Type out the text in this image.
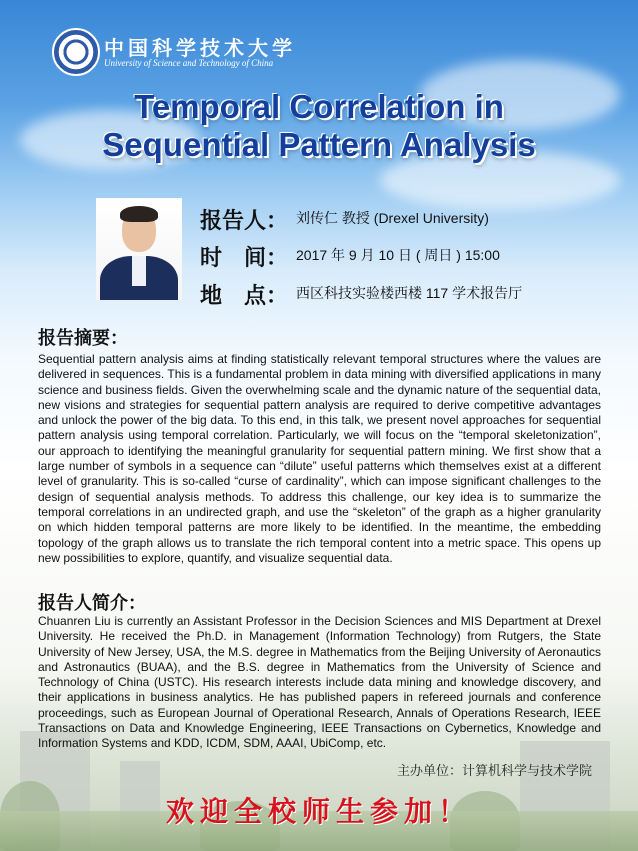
中国科学技术大学
University of Science and Technology of China
Temporal Correlation in
Sequential Pattern Analysis
报告人： 刘传仁 教授 (Drexel University)
时　间： 2017 年 9 月 10 日 ( 周日 ) 15:00
地　点： 西区科技实验楼西楼 117 学术报告厅
报告摘要：
Sequential pattern analysis aims at finding statistically relevant temporal structures where the values are delivered in sequences. This is a fundamental problem in data mining with diversified applications in many science and business fields. Given the overwhelming scale and the dynamic nature of the sequential data, new visions and strategies for sequential pattern analysis are required to derive competitive advantages and unlock the power of the big data. To this end, in this talk, we present novel approaches for sequential pattern analysis using temporal correlation. Particularly, we will focus on the “temporal skeletonization”, our approach to identifying the meaningful granularity for sequential pattern mining. We first show that a large number of symbols in a sequence can “dilute” useful patterns which themselves exist at a different level of granularity. This is so-called “curse of cardinality”, which can impose significant challenges to the design of sequential analysis methods. To address this challenge, our key idea is to summarize the temporal correlations in an undirected graph, and use the “skeleton” of the graph as a higher granularity on which hidden temporal patterns are more likely to be identified. In the meantime, the embedding topology of the graph allows us to translate the rich temporal content into a metric space. This opens up new possibilities to explore, quantify, and visualize sequential data.
报告人简介：
Chuanren Liu is currently an Assistant Professor in the Decision Sciences and MIS Department at Drexel University. He received the Ph.D. in Management (Information Technology) from Rutgers, the State University of New Jersey, USA, the M.S. degree in Mathematics from the Beijing University of Aeronautics and Astronautics (BUAA), and the B.S. degree in Mathematics from the University of Science and Technology of China (USTC). His research interests include data mining and knowledge discovery, and their applications in business analytics. He has published papers in refereed journals and conference proceedings, such as European Journal of Operational Research, Annals of Operations Research, IEEE Transactions on Data and Knowledge Engineering, IEEE Transactions on Cybernetics, Knowledge and Information Systems and KDD, ICDM, SDM, AAAI, UbiComp, etc.
主办单位：计算机科学与技术学院
欢迎全校师生参加！
